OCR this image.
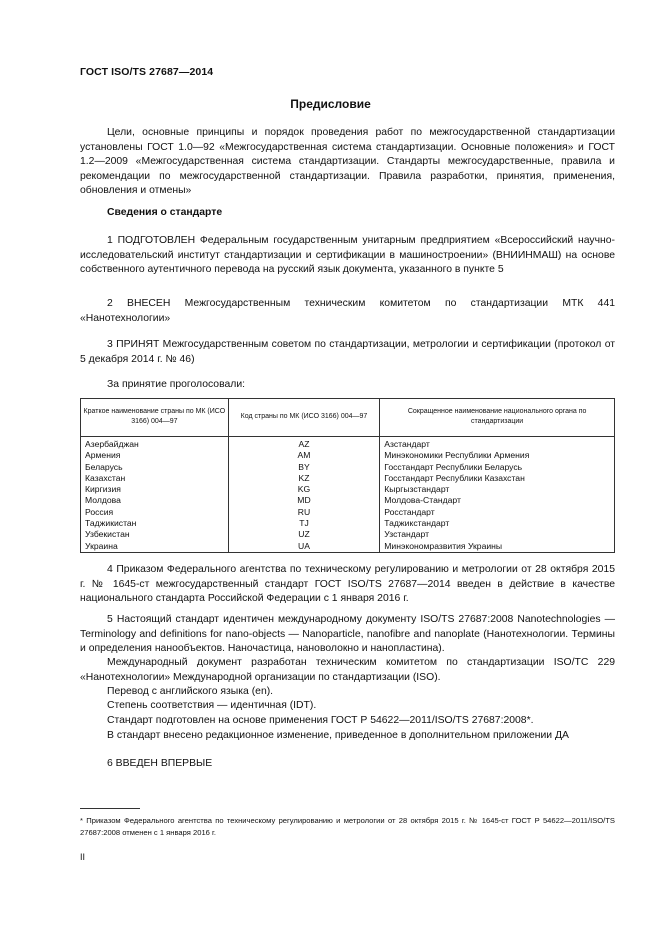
ГОСТ ISO/TS 27687—2014
Предисловие

Цели, основные принципы и порядок проведения работ по межгосударственной стандартизации установлены ГОСТ 1.0—92 «Межгосударственная система стандартизации. Основные положения» и ГОСТ 1.2—2009 «Межгосударственная система стандартизации. Стандарты межгосударственные, правила и рекомендации по межгосударственной стандартизации. Правила разработки, принятия, применения, обновления и отмены»

Сведения о стандарте

1 ПОДГОТОВЛЕН Федеральным государственным унитарным предприятием «Всероссийский научно-исследовательский институт стандартизации и сертификации в машиностроении» (ВНИИНМАШ) на основе собственного аутентичного перевода на русский язык документа, указанного в пункте 5

2 ВНЕСЕН Межгосударственным техническим комитетом по стандартизации МТК 441 «Нанотехнологии»

3 ПРИНЯТ Межгосударственным советом по стандартизации, метрологии и сертификации (протокол от 5 декабря 2014 г. № 46)

За принятие проголосовали:
Краткое наименование страны по МК (ИСО 3166) 004—97	Код страны по МК (ИСО 3166) 004—97	Сокращенное наименование национального органа по стандартизации
Азербайджан	AZ	Азстандарт
Армения	AM	Минэкономики Республики Армения
Беларусь	BY	Госстандарт Республики Беларусь
Казахстан	KZ	Госстандарт Республики Казахстан
Киргизия	KG	Кыргызстандарт
Молдова	MD	Молдова-Стандарт
Россия	RU	Росстандарт
Таджикистан	TJ	Таджикстандарт
Узбекистан	UZ	Узстандарт
Украина	UA	Минэкономразвития Украины

4 Приказом Федерального агентства по техническому регулированию и метрологии от 28 октября 2015 г. № 1645-ст межгосударственный стандарт ГОСТ ISO/TS 27687—2014 введен в действие в качестве национального стандарта Российской Федерации с 1 января 2016 г.

5 Настоящий стандарт идентичен международному документу ISO/TS 27687:2008 Nanotechnologies — Terminology and definitions for nano-objects — Nanoparticle, nanofibre and nanoplate (Нанотехнологии. Термины и определения нанообъектов. Наночастица, нановолокно и нанопластина).

Международный документ разработан техническим комитетом по стандартизации ISO/TC 229 «Нанотехнологии» Международной организации по стандартизации (ISO).

Перевод с английского языка (en).
Степень соответствия — идентичная (IDT).
Стандарт подготовлен на основе применения ГОСТ Р 54622—2011/ISO/TS 27687:2008*.
В стандарт внесено редакционное изменение, приведенное в дополнительном приложении ДА
6 ВВЕДЕН ВПЕРВЫЕ

* Приказом Федерального агентства по техническому регулированию и метрологии от 28 октября 2015 г. № 1645-ст ГОСТ Р 54622—2011/ISO/TS 27687:2008 отменен с 1 января 2016 г.

II
